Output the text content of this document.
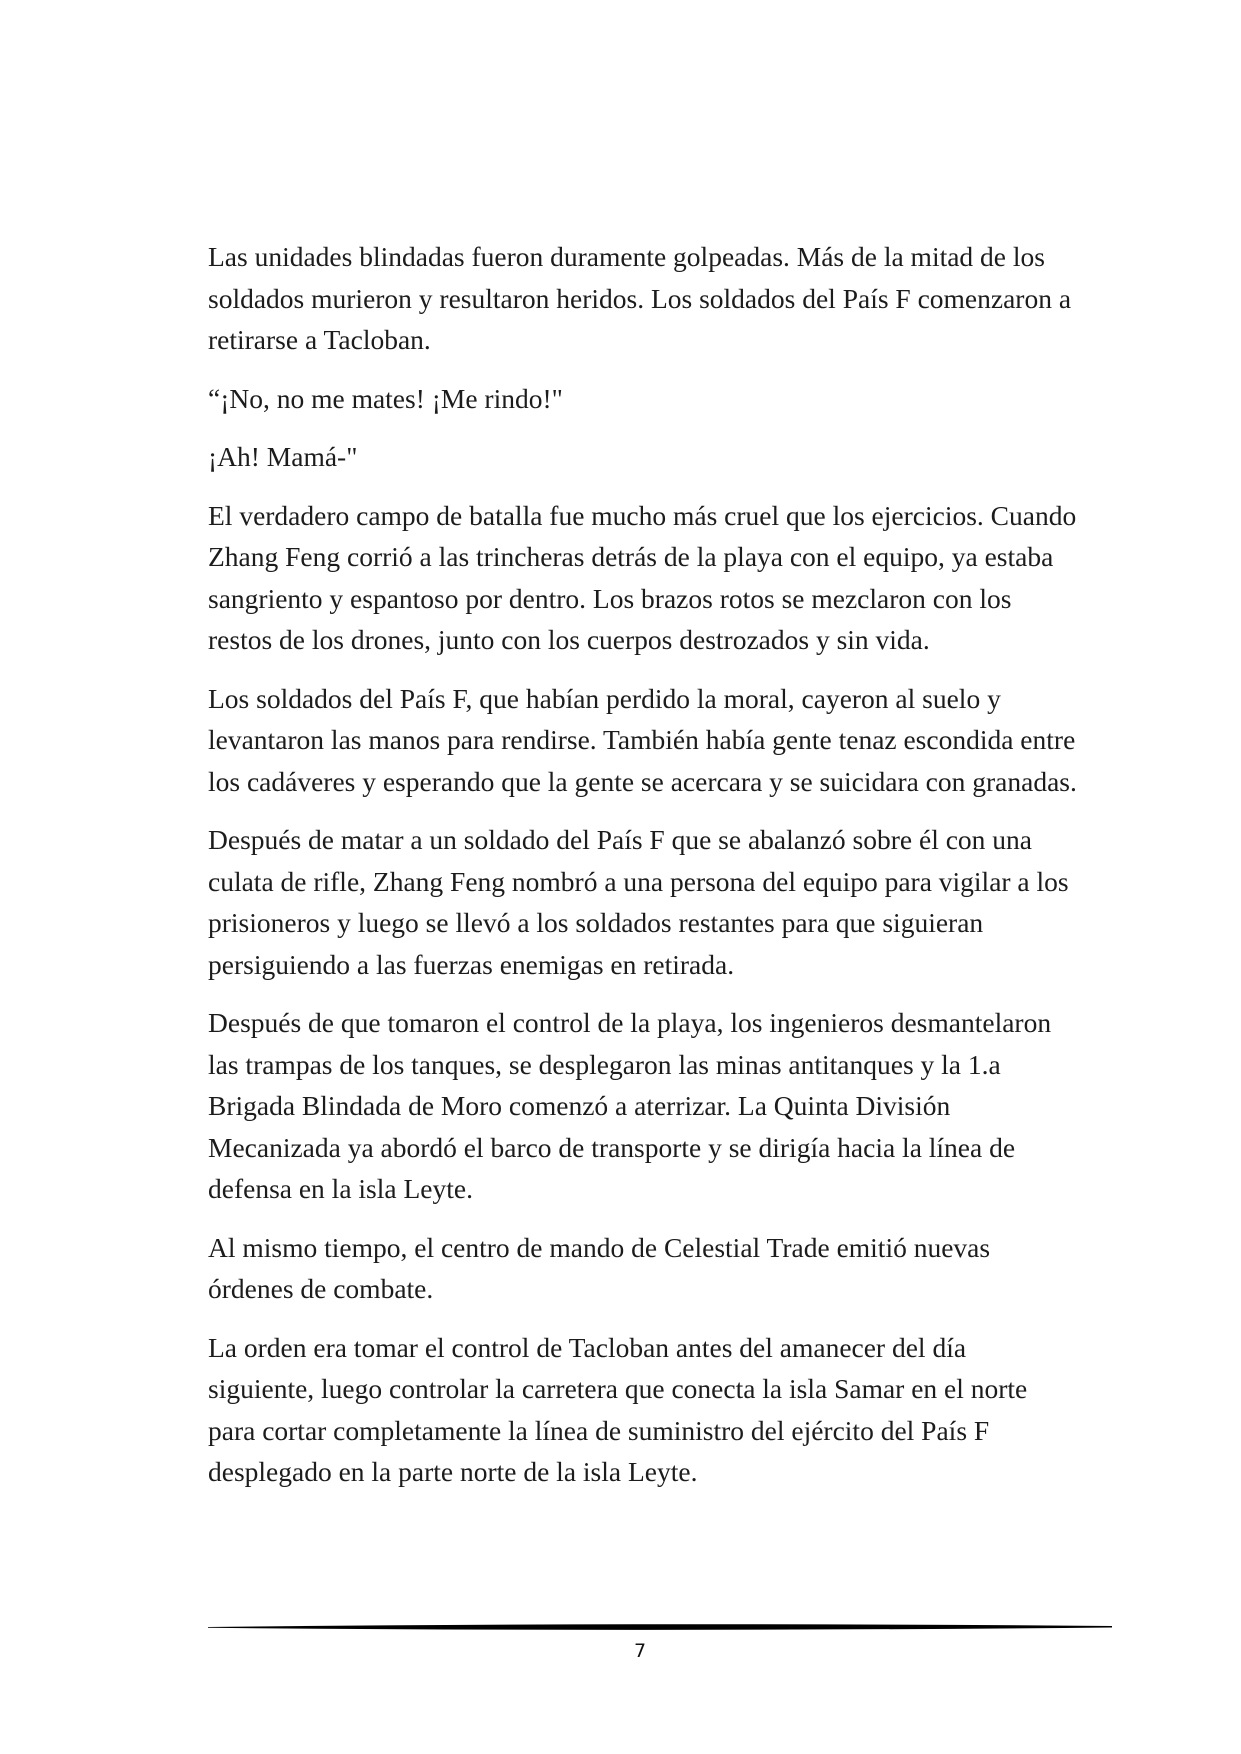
Las unidades blindadas fueron duramente golpeadas. Más de la mitad de los soldados murieron y resultaron heridos. Los soldados del País F comenzaron a retirarse a Tacloban.

“¡No, no me mates! ¡Me rindo!"

¡Ah! Mamá-"

El verdadero campo de batalla fue mucho más cruel que los ejercicios. Cuando Zhang Feng corrió a las trincheras detrás de la playa con el equipo, ya estaba sangriento y espantoso por dentro. Los brazos rotos se mezclaron con los restos de los drones, junto con los cuerpos destrozados y sin vida.

Los soldados del País F, que habían perdido la moral, cayeron al suelo y levantaron las manos para rendirse. También había gente tenaz escondida entre los cadáveres y esperando que la gente se acercara y se suicidara con granadas.

Después de matar a un soldado del País F que se abalanzó sobre él con una culata de rifle, Zhang Feng nombró a una persona del equipo para vigilar a los prisioneros y luego se llevó a los soldados restantes para que siguieran persiguiendo a las fuerzas enemigas en retirada.

Después de que tomaron el control de la playa, los ingenieros desmantelaron las trampas de los tanques, se desplegaron las minas antitanques y la 1.a Brigada Blindada de Moro comenzó a aterrizar. La Quinta División Mecanizada ya abordó el barco de transporte y se dirigía hacia la línea de defensa en la isla Leyte.

Al mismo tiempo, el centro de mando de Celestial Trade emitió nuevas órdenes de combate.

La orden era tomar el control de Tacloban antes del amanecer del día siguiente, luego controlar la carretera que conecta la isla Samar en el norte para cortar completamente la línea de suministro del ejército del País F desplegado en la parte norte de la isla Leyte.

7
